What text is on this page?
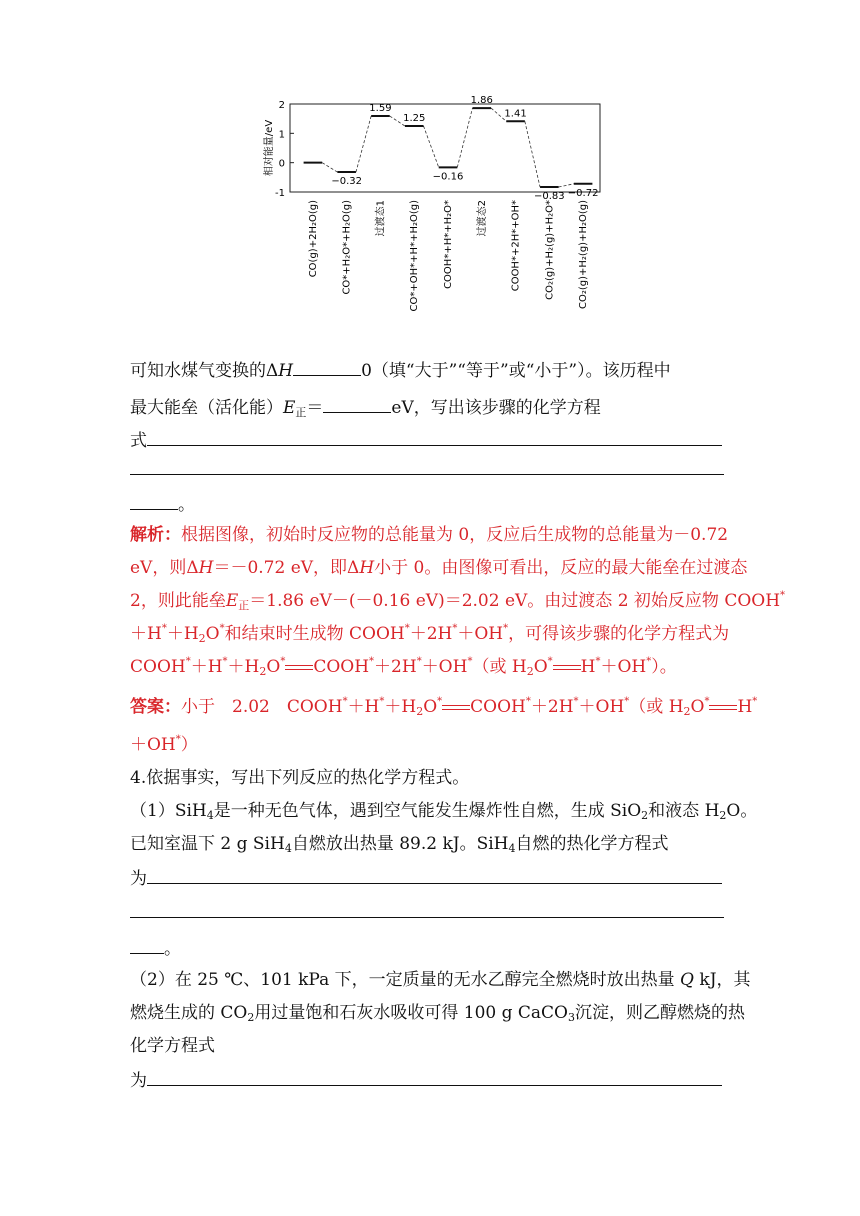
2
1
0
-1
相对能量/eV
CO(g)+2H₂O(g)
−0.32
CO*+H₂O*+H₂O(g)
1.59
过渡态1
1.25
CO*+OH*+H*+H₂O(g)
−0.16
COOH*+H*+H₂O*
1.86
过渡态2
1.41
COOH*+2H*+OH*
−0.83
CO₂(g)+H₂(g)+H₂O*
−0.72
CO₂(g)+H₂(g)+H₂O(g)
可知水煤气变换的ΔH	0（填“大于”“等于”或“小于”）。该历程中
最大能垒（活化能）$E_正=$	eV，写出该步骤的化学方程
式
。
解析：根据图像，初始时反应物的总能量为 0，反应后生成物的总能量为－0.72
eV，则ΔH＝－0.72 eV，即ΔH小于 0。由图像可看出，反应的最大能垒在过渡态
2，则此能垒$E_正=1.86$ eV－(－0.16 eV)＝2.02 eV。由过渡态 2 初始反应物 COOH*
$+H^*+H_2O^*$和结束时生成物 COOH*＋2H*＋OH*，可得该步骤的化学方程式为
$COOH^*+H^*+H_2O^*$ COOH*＋2H*＋OH*（或 $H_2O^*$ H*＋OH*）。
答案：小于　2.02　$COOH^*+H^*+H_2O^*$ COOH*＋2H*＋OH*（或 $H_2O^*$ H*
＋OH*）
4.依据事实，写出下列反应的热化学方程式。
（1）SiH$_4$是一种无色气体，遇到空气能发生爆炸性自燃，生成 SiO$_2$和液态 $H_2O$。
已知室温下 2 g SiH$_4$自燃放出热量 89.2 kJ。SiH$_4$自燃的热化学方程式
为
。
（2）在 25 ℃、101 kPa 下，一定质量的无水乙醇完全燃烧时放出热量 Q kJ，其
燃烧生成的 $CO_2$用过量饱和石灰水吸收可得 100 g CaCO$_3$沉淀，则乙醇燃烧的热
化学方程式
为
